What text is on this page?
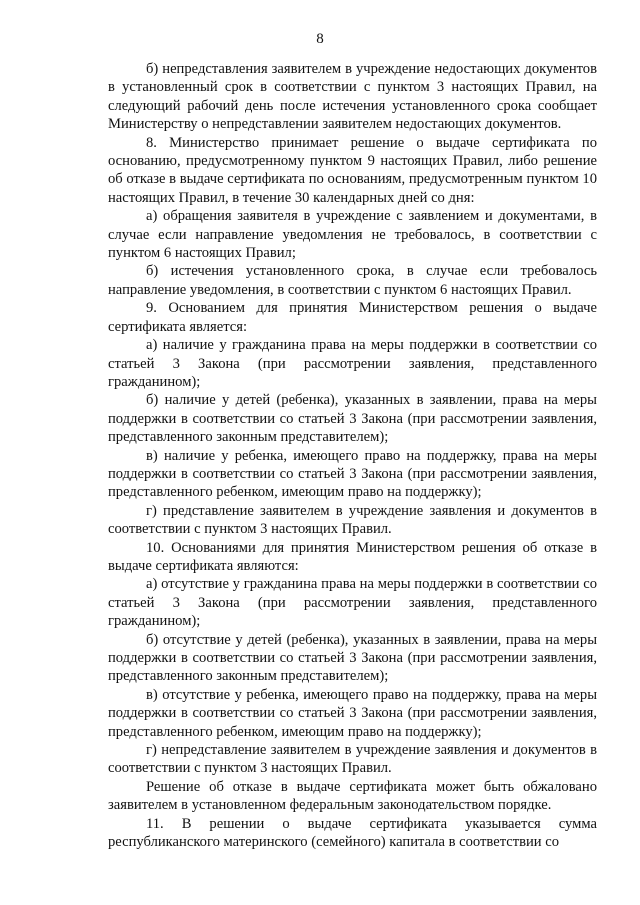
8

б) непредставления заявителем в учреждение недостающих документов в установленный срок в соответствии с пунктом 3 настоящих Правил, на следующий рабочий день после истечения установленного срока сообщает Министерству о непредставлении заявителем недостающих документов.

8. Министерство принимает решение о выдаче сертификата по основанию, предусмотренному пунктом 9 настоящих Правил, либо решение об отказе в выдаче сертификата по основаниям, предусмотренным пунктом 10 настоящих Правил, в течение 30 календарных дней со дня:

а) обращения заявителя в учреждение с заявлением и документами, в случае если направление уведомления не требовалось, в соответствии с пунктом 6 настоящих Правил;

б) истечения установленного срока, в случае если требовалось направление уведомления, в соответствии с пунктом 6 настоящих Правил.

9. Основанием для принятия Министерством решения о выдаче сертификата является:

а) наличие у гражданина права на меры поддержки в соответствии со статьей 3 Закона (при рассмотрении заявления, представленного гражданином);

б) наличие у детей (ребенка), указанных в заявлении, права на меры поддержки в соответствии со статьей 3 Закона (при рассмотрении заявления, представленного законным представителем);

в) наличие у ребенка, имеющего право на поддержку, права на меры поддержки в соответствии со статьей 3 Закона (при рассмотрении заявления, представленного ребенком, имеющим право на поддержку);

г) представление заявителем в учреждение заявления и документов в соответствии с пунктом 3 настоящих Правил.

10. Основаниями для принятия Министерством решения об отказе в выдаче сертификата являются:

а) отсутствие у гражданина права на меры поддержки в соответствии со статьей 3 Закона (при рассмотрении заявления, представленного гражданином);

б) отсутствие у детей (ребенка), указанных в заявлении, права на меры поддержки в соответствии со статьей 3 Закона (при рассмотрении заявления, представленного законным представителем);

в) отсутствие у ребенка, имеющего право на поддержку, права на меры поддержки в соответствии со статьей 3 Закона (при рассмотрении заявления, представленного ребенком, имеющим право на поддержку);

г) непредставление заявителем в учреждение заявления и документов в соответствии с пунктом 3 настоящих Правил.

Решение об отказе в выдаче сертификата может быть обжаловано заявителем в установленном федеральным законодательством порядке.

11. В решении о выдаче сертификата указывается сумма республиканского материнского (семейного) капитала в соответствии со
